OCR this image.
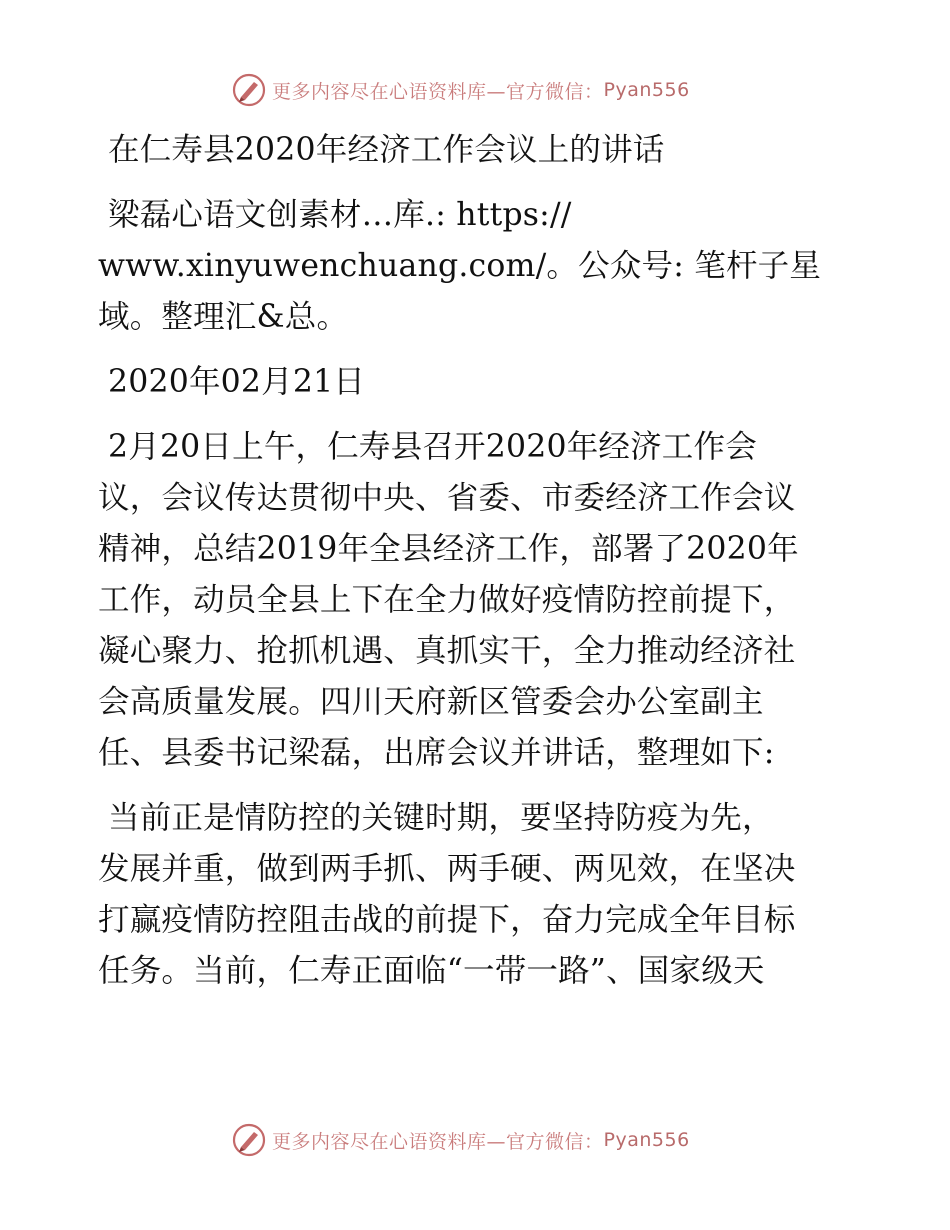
更多内容尽在心语资料库—官方微信： Pyan556
在仁寿县2020年经济工作会议上的讲话
梁磊心语文创素材…库.: https://
www.xinyuwenchuang.com/。公众号: 笔杆子星
域。整理汇&总。
2020年02月21日
2月20日上午，仁寿县召开2020年经济工作会
议，会议传达贯彻中央、省委、市委经济工作会议
精神，总结2019年全县经济工作，部署了2020年
工作，动员全县上下在全力做好疫情防控前提下，
凝心聚力、抢抓机遇、真抓实干，全力推动经济社
会高质量发展。四川天府新区管委会办公室副主
任、县委书记梁磊，出席会议并讲话，整理如下:
当前正是情防控的关键时期，要坚持防疫为先，
发展并重，做到两手抓、两手硬、两见效，在坚决
打赢疫情防控阻击战的前提下，奋力完成全年目标
任务。当前，仁寿正面临“一带一路”、国家级天
更多内容尽在心语资料库—官方微信： Pyan556
